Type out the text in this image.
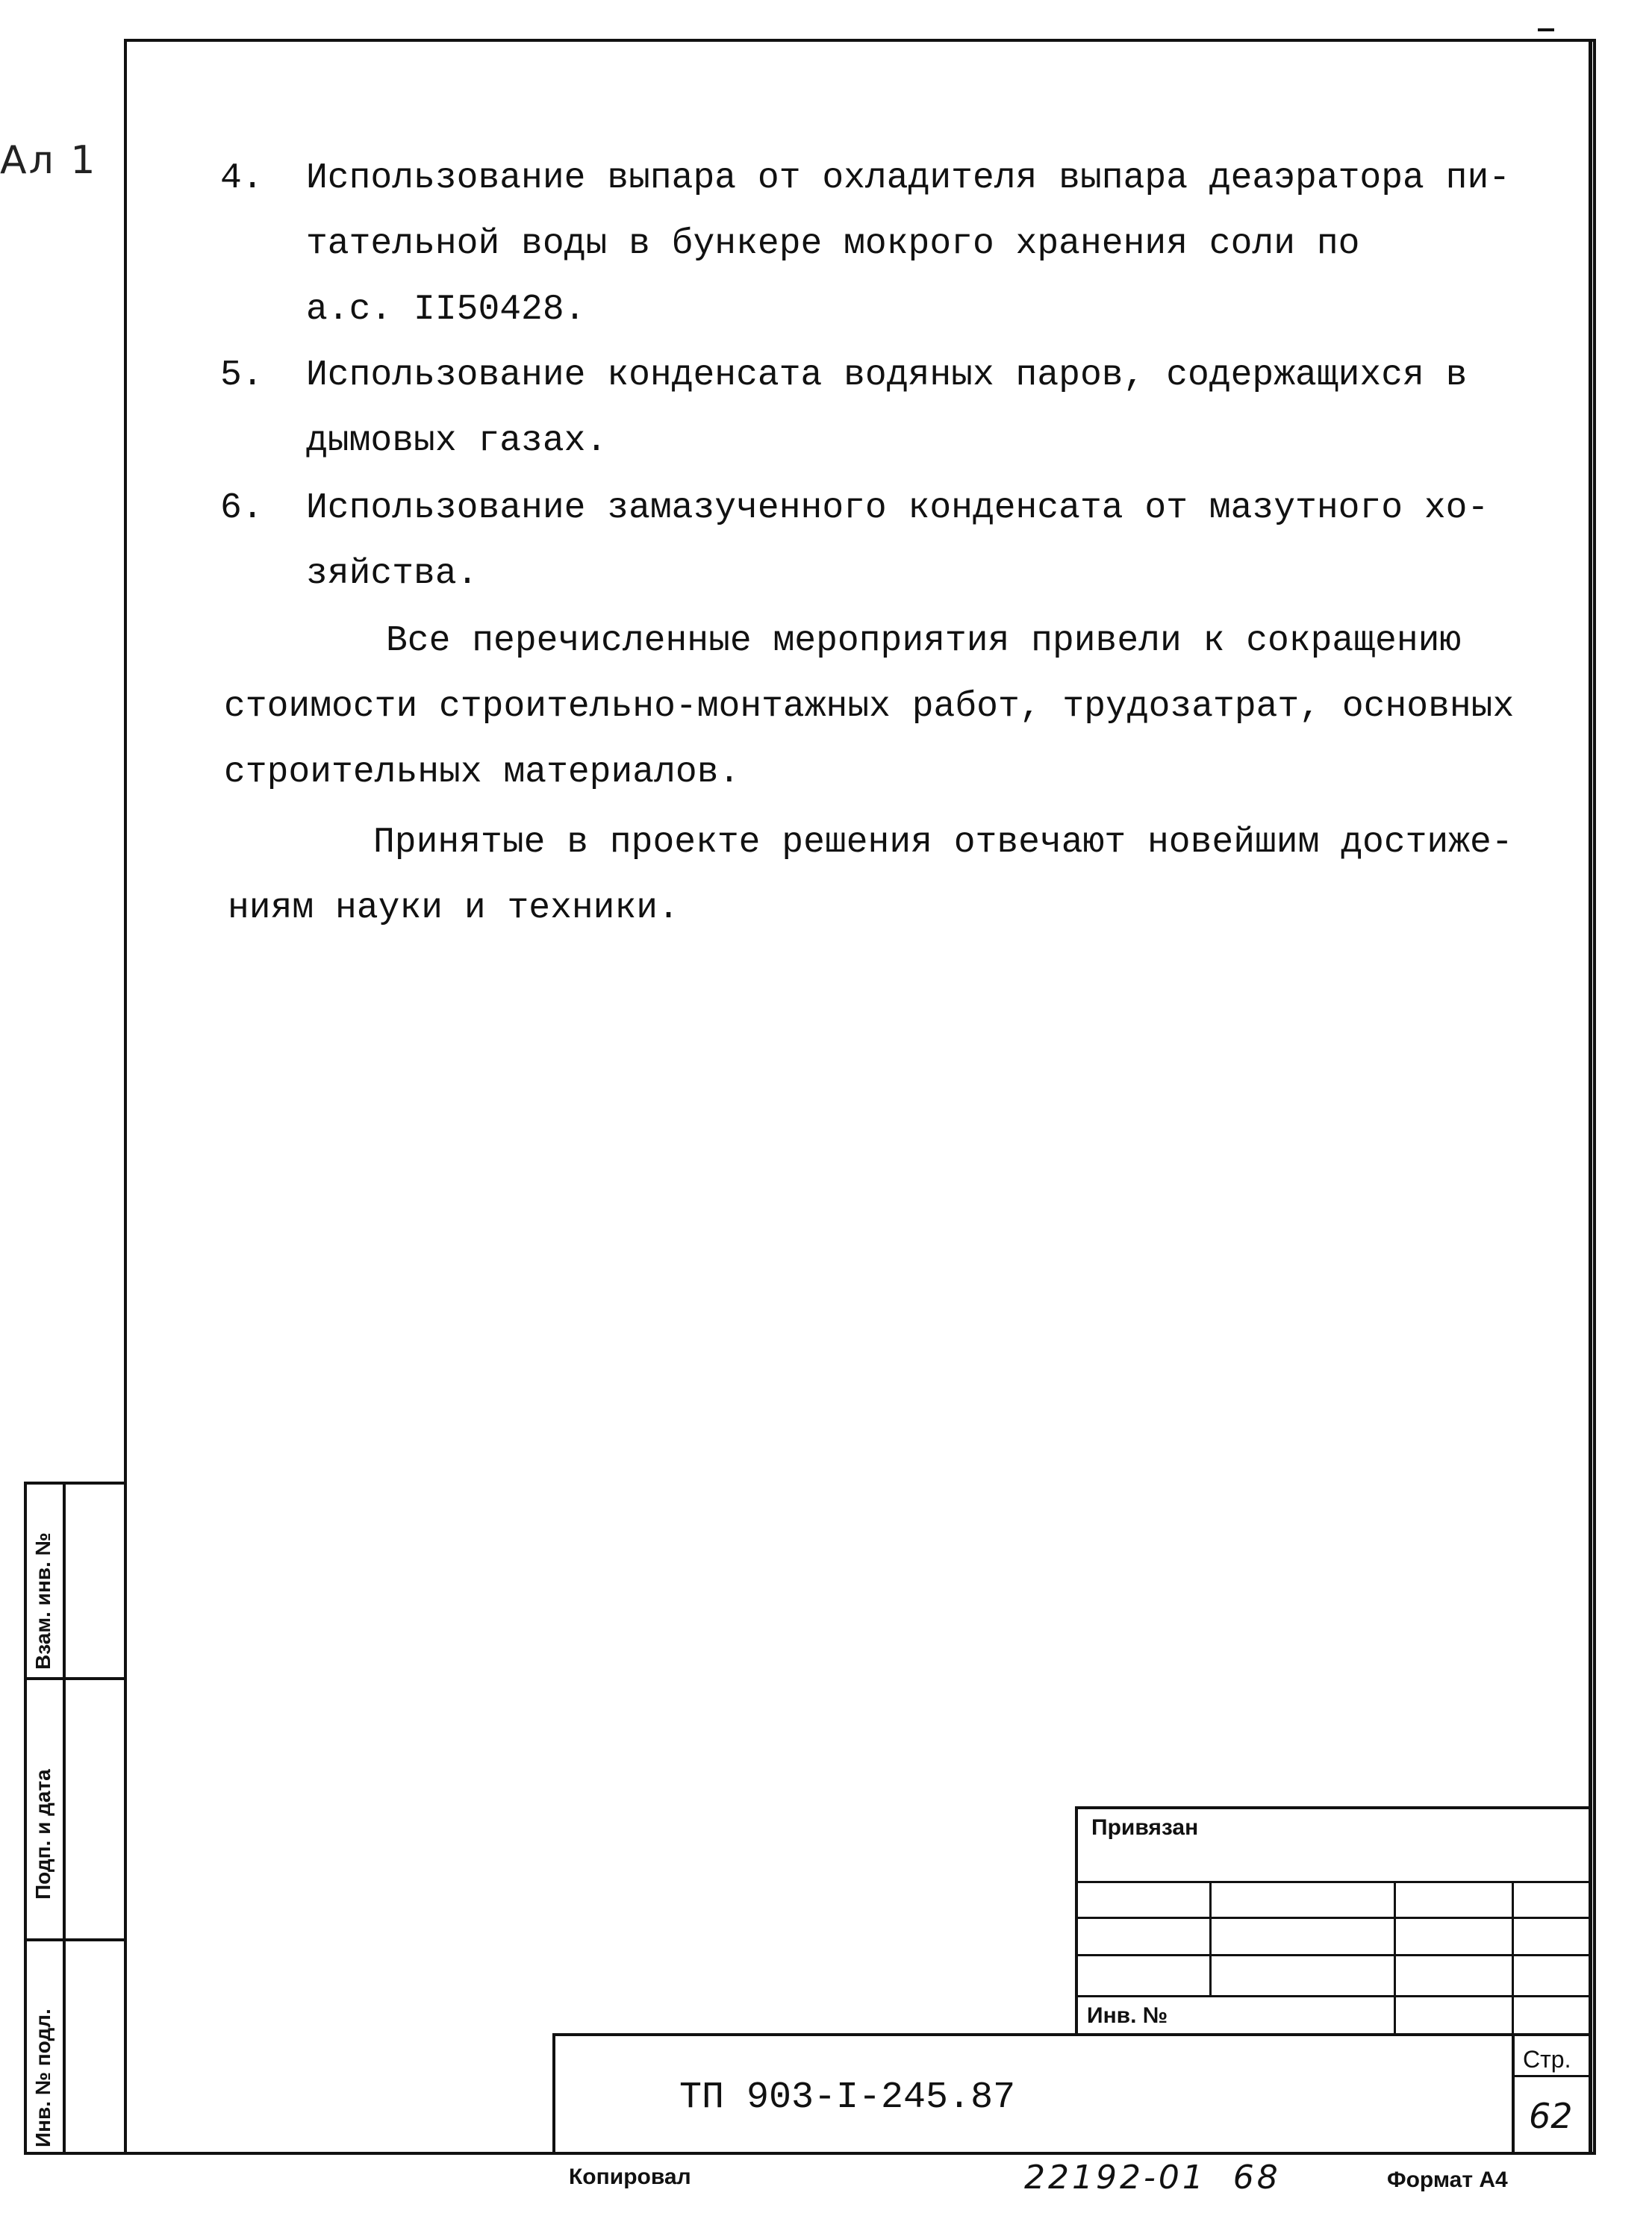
Ал 1	4. Использование выпара от охладителя выпара деаэратора пи-
тательной воды в бункере мокрого хранения соли по
а.с. II50428.
5. Использование конденсата водяных паров, содержащихся в
дымовых газах.
6. Использование замазученного конденсата от мазутного хо-
зяйства.
Все перечисленные мероприятия привели к сокращению
стоимости строительно-монтажных работ, трудозатрат, основных
строительных материалов.
Принятые в проекте решения отвечают новейшим достиже-
ниям науки и техники.
Взам. инв. №
Подп. и дата
Инв. № подл.
Привязан
Инв. №
ТП 903-I-245.87
Стр.
62
Копировал	22192-01  68	Формат А4
